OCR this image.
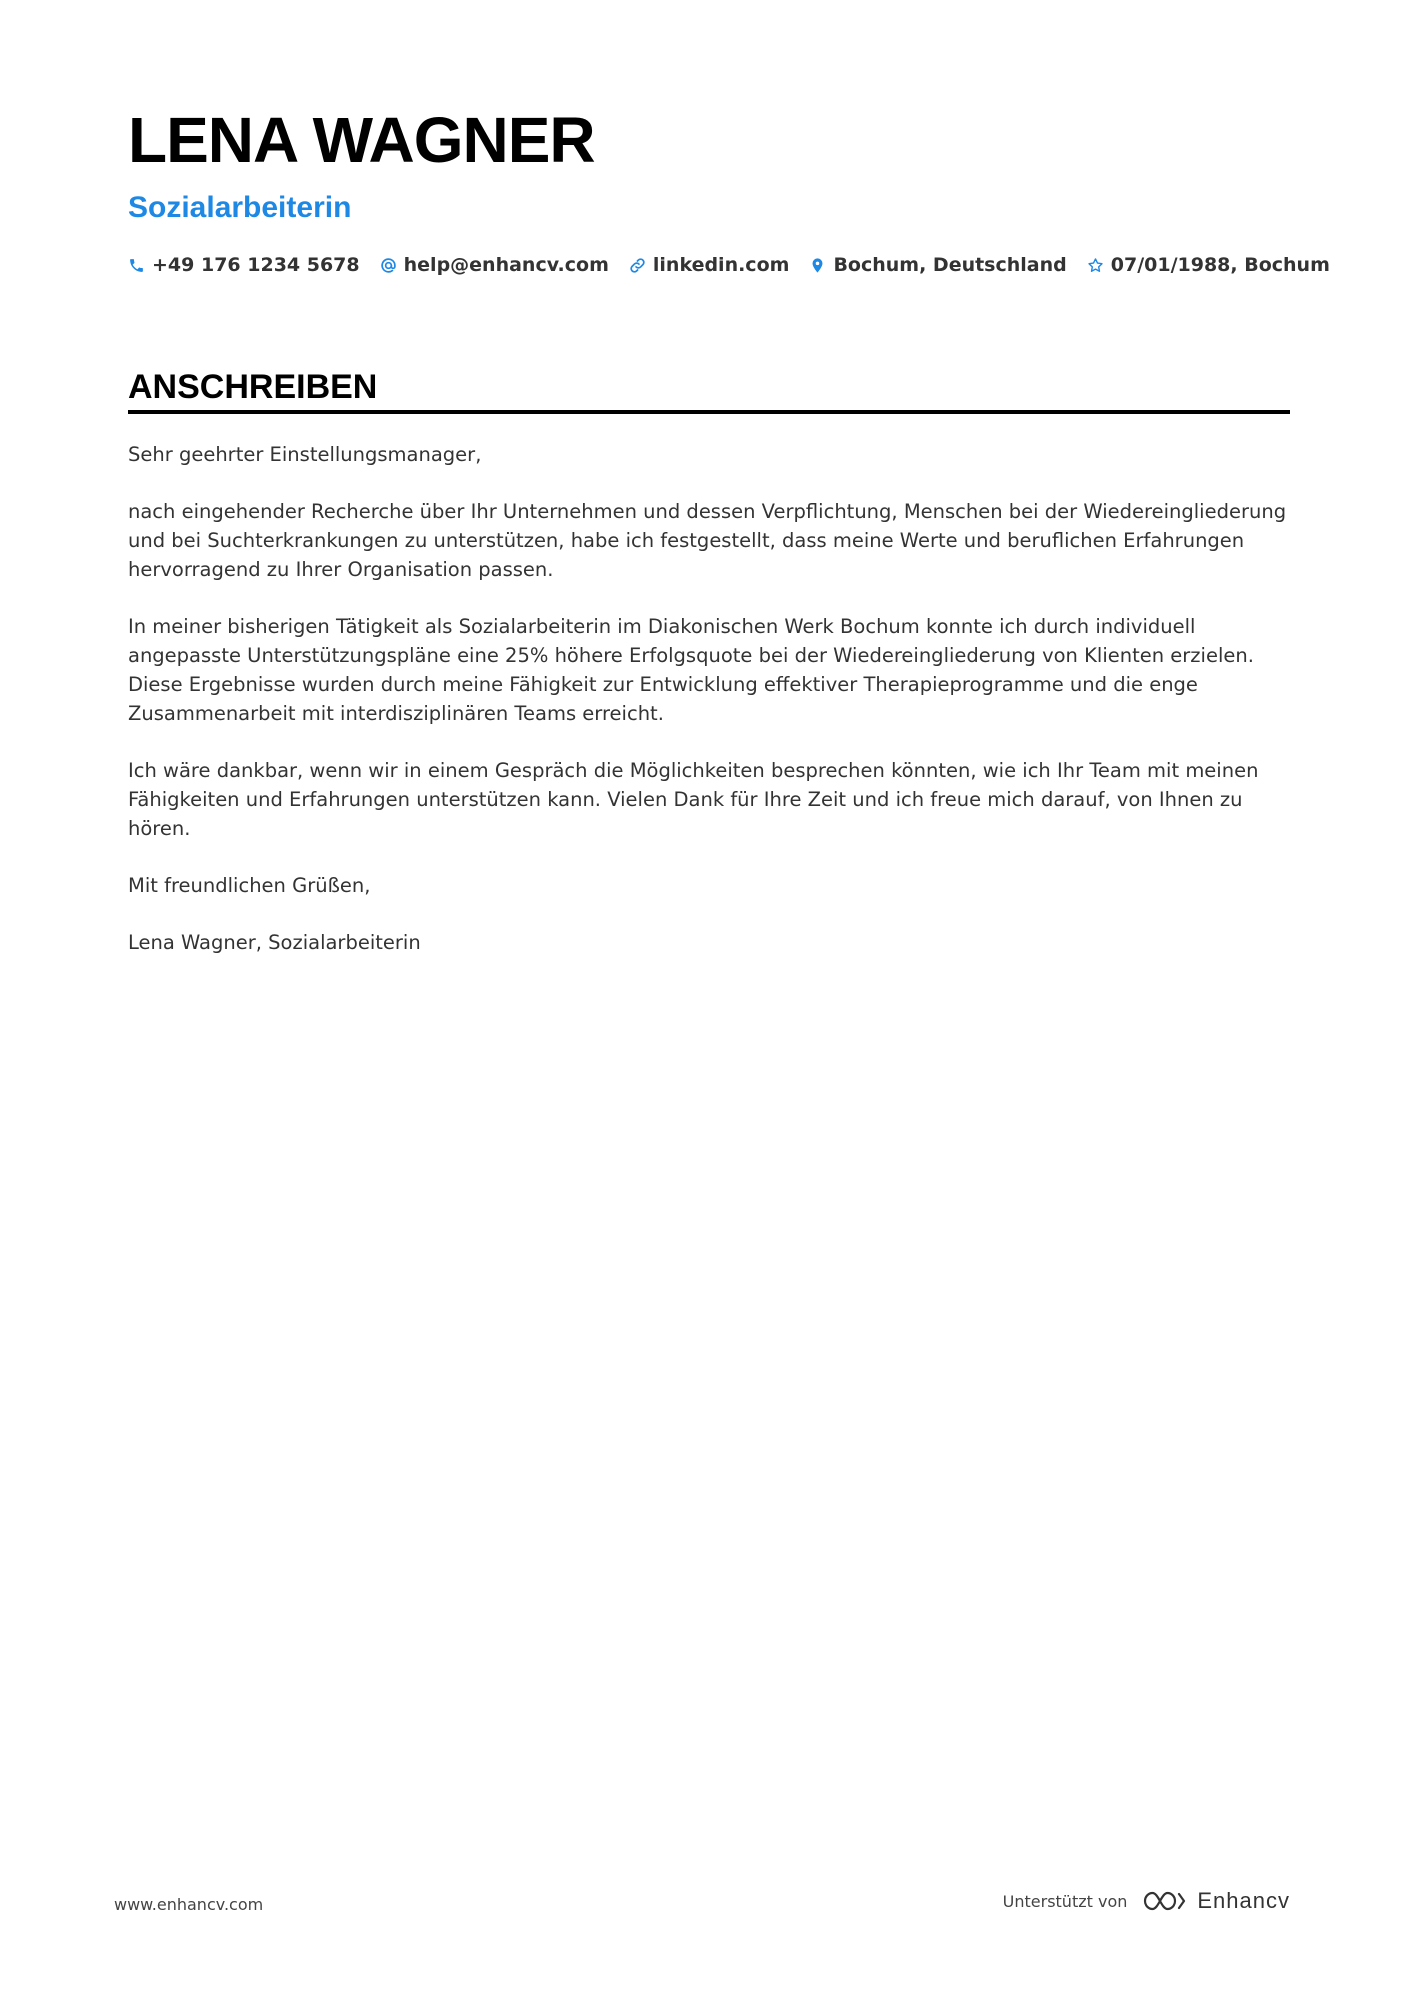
LENA WAGNER
Sozialarbeiterin
+49 176 1234 5678 help@enhancv.com linkedin.com Bochum, Deutschland 07/01/1988, Bochum
ANSCHREIBEN

Sehr geehrter Einstellungsmanager,

nach eingehender Recherche über Ihr Unternehmen und dessen Verpflichtung, Menschen bei der Wiedereingliederung und bei Suchterkrankungen zu unterstützen, habe ich festgestellt, dass meine Werte und beruflichen Erfahrungen hervorragend zu Ihrer Organisation passen.

In meiner bisherigen Tätigkeit als Sozialarbeiterin im Diakonischen Werk Bochum konnte ich durch individuell angepasste Unterstützungspläne eine 25% höhere Erfolgsquote bei der Wiedereingliederung von Klienten erzielen. Diese Ergebnisse wurden durch meine Fähigkeit zur Entwicklung effektiver Therapieprogramme und die enge Zusammenarbeit mit interdisziplinären Teams erreicht.

Ich wäre dankbar, wenn wir in einem Gespräch die Möglichkeiten besprechen könnten, wie ich Ihr Team mit meinen Fähigkeiten und Erfahrungen unterstützen kann. Vielen Dank für Ihre Zeit und ich freue mich darauf, von Ihnen zu hören.

Mit freundlichen Grüßen,

Lena Wagner, Sozialarbeiterin

www.enhancv.com	Unterstützt von	Enhancv
